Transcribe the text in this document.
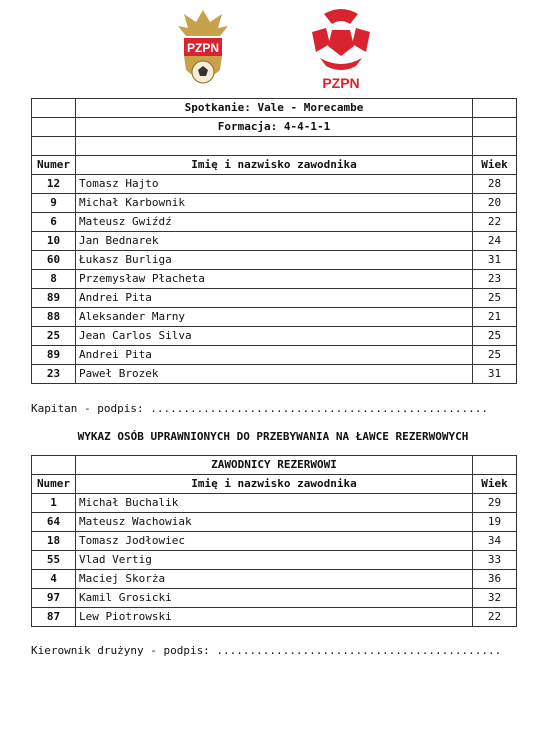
PZPN
PZPN
	Spotkanie: Vale - Morecambe	
	Formacja: 4-4-1-1	

Numer	Imię i nazwisko zawodnika	Wiek
12	Tomasz Hajto	28
9	Michał Karbownik	20
6	Mateusz Gwiźdź	22
10	Jan Bednarek	24
60	Łukasz Burliga	31
8	Przemysław Płacheta	23
89	Andrei Pita	25
88	Aleksander Marny	21
25	Jean Carlos Silva	25
89	Andrei Pita	25
23	Paweł Brozek	31
Kapitan - podpis: ...................................................
WYKAZ OSÓB UPRAWNIONYCH DO PRZEBYWANIA NA ŁAWCE REZERWOWYCH
	ZAWODNICY REZERWOWI	
Numer	Imię i nazwisko zawodnika	Wiek
1	Michał Buchalik	29
64	Mateusz Wachowiak	19
18	Tomasz Jodłowiec	34
55	Vlad Vertig	33
4	Maciej Skorża	36
97	Kamil Grosicki	32
87	Lew Piotrowski	22
Kierownik drużyny - podpis: ...........................................
